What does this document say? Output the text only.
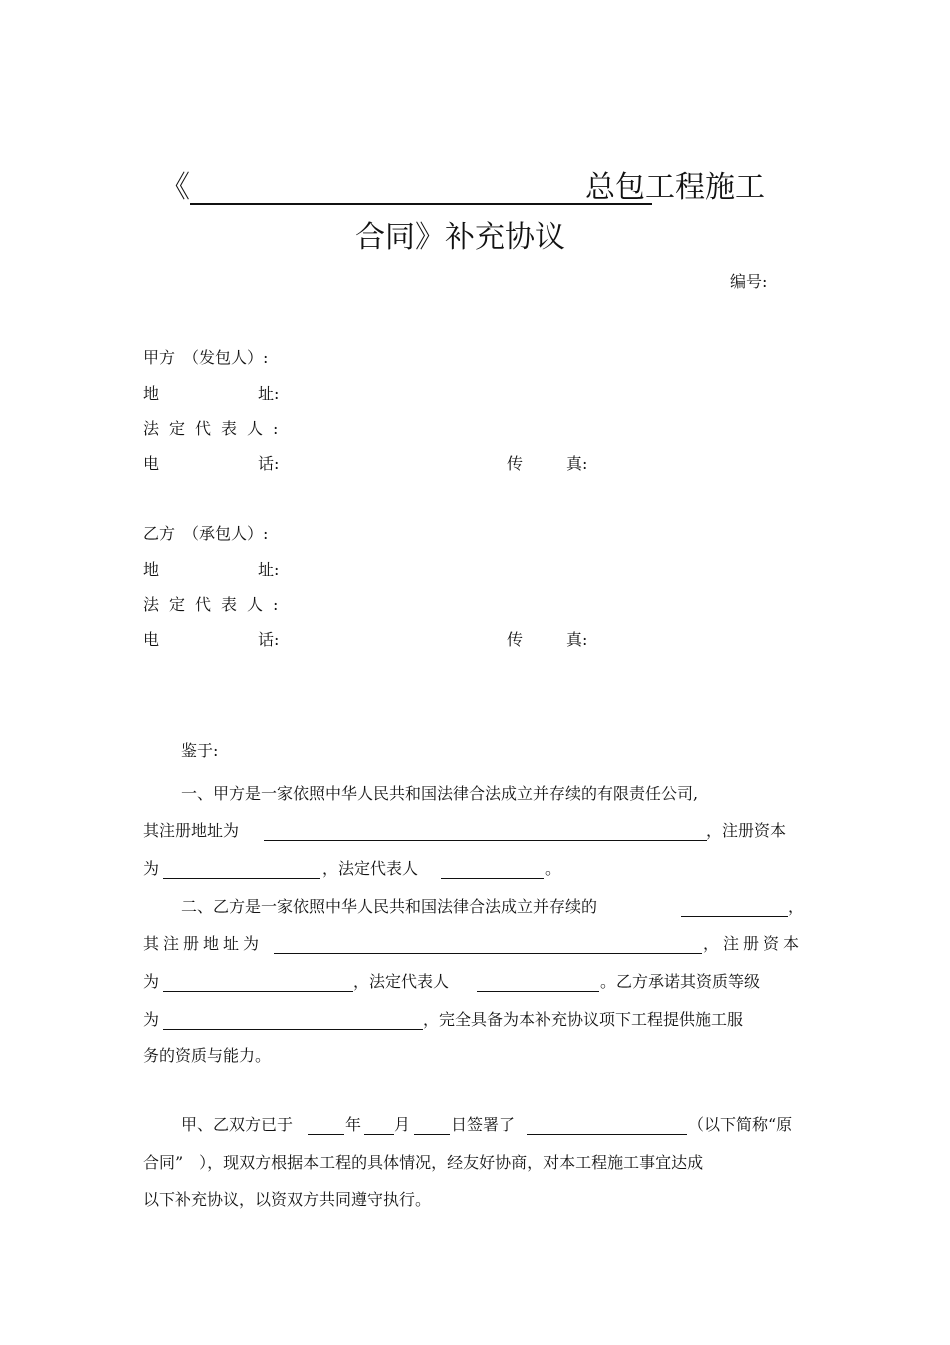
《	总包工程施工
合同》补充协议
编号:
甲方　（发包人）:
地	址:
法定代表人:
电	话:	传	真:
乙方　（承包人）:
地	址:
法定代表人:
电	话:	传	真:
鉴于:
一、甲方是一家依照中华人民共和国法律合法成立并存续的有限责任公司,
其注册地址为	，注册资本
为	，法定代表人	。
二、乙方是一家依照中华人民共和国法律合法成立并存续的	，
其注册地址为	，注册资本
为	，法定代表人	。乙方承诺其资质等级
为	，完全具备为本补充协议项下工程提供施工服
务的资质与能力。
甲、乙双方已于	年 月	日签署了	（以下简称“原
合同”　），现双方根据本工程的具体情况，经友好协商，对本工程施工事宜达成
以下补充协议，以资双方共同遵守执行。
